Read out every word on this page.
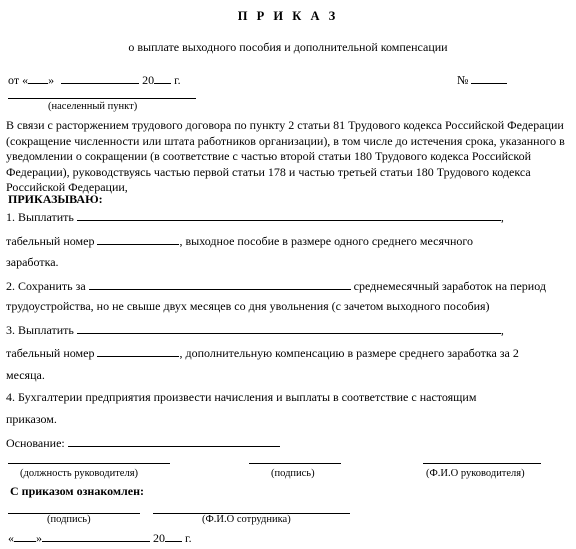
П Р И К А З
о выплате выходного пособия и дополнительной компенсации
от « »	20 г.	№
(населенный пункт)
В связи с расторжением трудового договора по пункту 2 статьи 81 Трудового кодекса Российской Федерации (сокращение численности или штата работников организации), в том числе до истечения срока, указанного в уведомлении о сокращении (в соответствие с частью второй статьи 180 Трудового кодекса Российской Федерации), руководствуясь частью первой статьи 178 и частью третьей статьи 180 Трудового кодекса Российской Федерации,
ПРИКАЗЫВАЮ:
1. Выплатить	,
табельный номер	, выходное пособие в размере одного среднего месячного
заработка.
2. Сохранить за	среднемесячный заработок на период
трудоустройства, но не свыше двух месяцев со дня увольнения (с зачетом выходного пособия)
3. Выплатить	,
табельный номер	, дополнительную компенсацию в размере среднего заработка за 2
месяца.
4. Бухгалтерии предприятия произвести начисления и выплаты в соответствие с настоящим
приказом.
Основание:
(должность руководителя)	(подпись)	(Ф.И.О руководителя)
С приказом ознакомлен:
(подпись)	(Ф.И.О сотрудника)
« »	20 г.
